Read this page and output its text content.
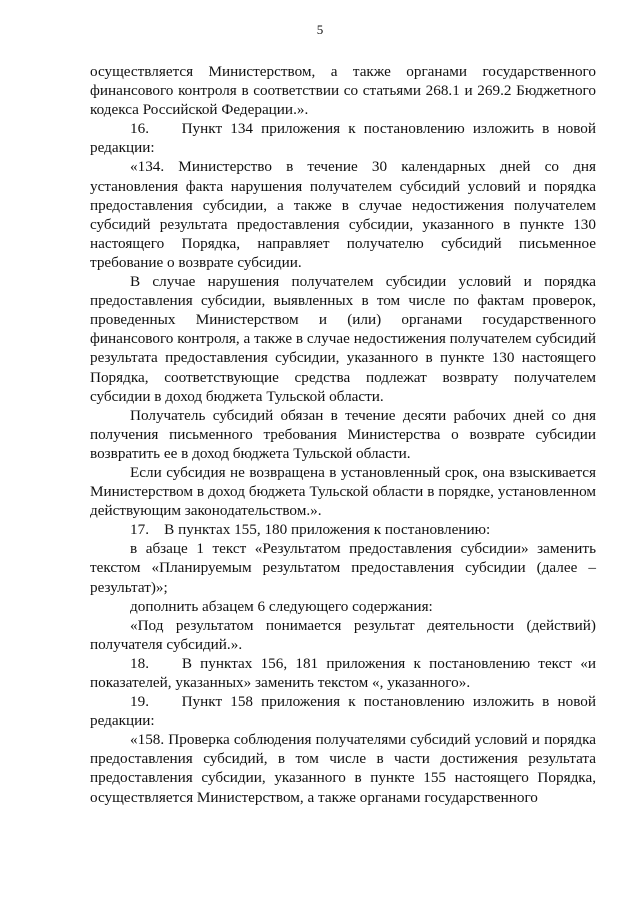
5

осуществляется Министерством, а также органами государственного финансового контроля в соответствии со статьями 268.1 и 269.2 Бюджетного кодекса Российской Федерации.».

16.    Пункт 134 приложения к постановлению изложить в новой редакции:

«134. Министерство в течение 30 календарных дней со дня установления факта нарушения получателем субсидий условий и порядка предоставления субсидии, а также в случае недостижения получателем субсидий результата предоставления субсидии, указанного в пункте 130 настоящего Порядка, направляет получателю субсидий письменное требование о возврате субсидии.

В случае нарушения получателем субсидии условий и порядка предоставления субсидии, выявленных в том числе по фактам проверок, проведенных Министерством и (или) органами государственного финансового контроля, а также в случае недостижения получателем субсидий результата предоставления субсидии, указанного в пункте 130 настоящего Порядка, соответствующие средства подлежат возврату получателем субсидии в доход бюджета Тульской области.

Получатель субсидий обязан в течение десяти рабочих дней со дня получения письменного требования Министерства о возврате субсидии возвратить ее в доход бюджета Тульской области.

Если субсидия не возвращена в установленный срок, она взыскивается Министерством в доход бюджета Тульской области в порядке, установленном действующим законодательством.».

17.    В пунктах 155, 180 приложения к постановлению:

в абзаце 1 текст «Результатом предоставления субсидии» заменить текстом «Планируемым результатом предоставления субсидии (далее – результат)»;

дополнить абзацем 6 следующего содержания:

«Под результатом понимается результат деятельности (действий) получателя субсидий.».

18.    В пунктах 156, 181 приложения к постановлению текст «и показателей, указанных» заменить текстом «, указанного».

19.    Пункт 158 приложения к постановлению изложить в новой редакции:

«158. Проверка соблюдения получателями субсидий условий и порядка предоставления субсидий, в том числе в части достижения результата предоставления субсидии, указанного в пункте 155 настоящего Порядка, осуществляется Министерством, а также органами государственного
